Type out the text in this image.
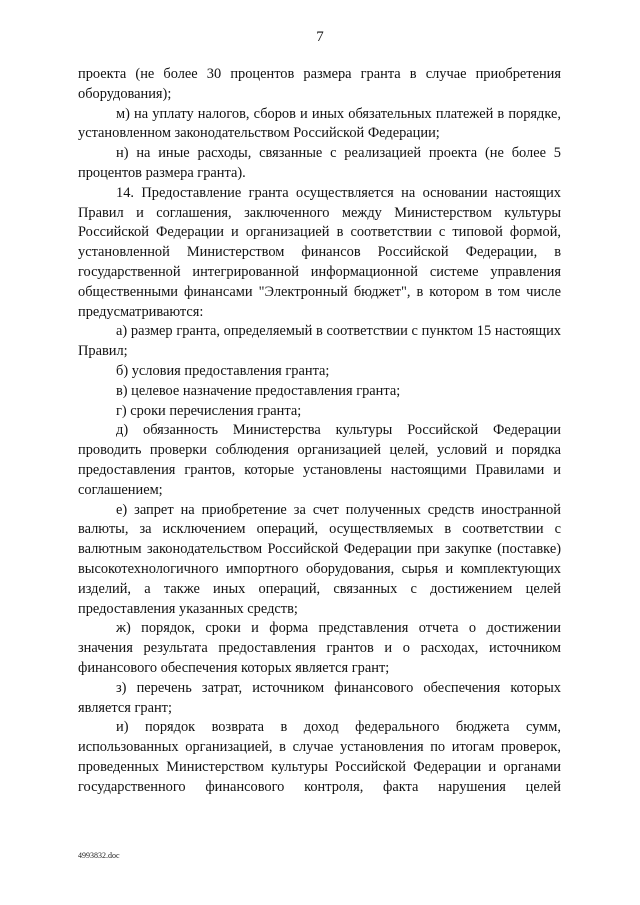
7

проекта (не более 30 процентов размера гранта в случае приобретения оборудования);

м) на уплату налогов, сборов и иных обязательных платежей в порядке, установленном законодательством Российской Федерации;

н) на иные расходы, связанные с реализацией проекта (не более 5 процентов размера гранта).

14. Предоставление гранта осуществляется на основании настоящих Правил и соглашения, заключенного между Министерством культуры Российской Федерации и организацией в соответствии с типовой формой, установленной Министерством финансов Российской Федерации, в государственной интегрированной информационной системе управления общественными финансами "Электронный бюджет", в котором в том числе предусматриваются:

а) размер гранта, определяемый в соответствии с пунктом 15 настоящих Правил;

б) условия предоставления гранта;

в) целевое назначение предоставления гранта;

г) сроки перечисления гранта;

д) обязанность Министерства культуры Российской Федерации проводить проверки соблюдения организацией целей, условий и порядка предоставления грантов, которые установлены настоящими Правилами и соглашением;

е) запрет на приобретение за счет полученных средств иностранной валюты, за исключением операций, осуществляемых в соответствии с валютным законодательством Российской Федерации при закупке (поставке) высокотехнологичного импортного оборудования, сырья и комплектующих изделий, а также иных операций, связанных с достижением целей предоставления указанных средств;

ж) порядок, сроки и форма представления отчета о достижении значения результата предоставления грантов и о расходах, источником финансового обеспечения которых является грант;

з) перечень затрат, источником финансового обеспечения которых является грант;

и) порядок возврата в доход федерального бюджета сумм, использованных организацией, в случае установления по итогам проверок, проведенных Министерством культуры Российской Федерации и органами государственного финансового контроля, факта нарушения целей

4993832.doc
